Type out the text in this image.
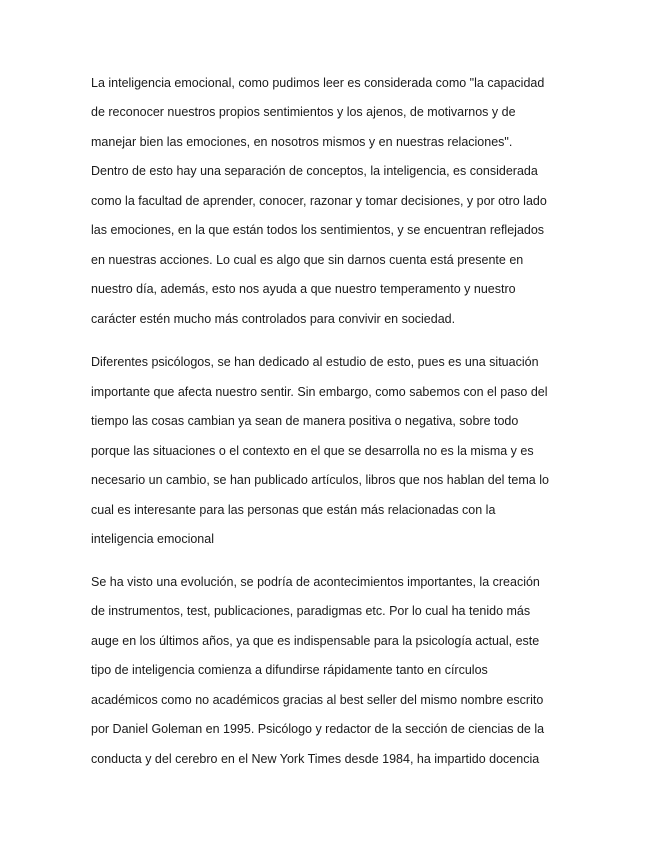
La inteligencia emocional, como pudimos leer es considerada como "la capacidad
de reconocer nuestros propios sentimientos y los ajenos, de motivarnos y de
manejar bien las emociones, en nosotros mismos y en nuestras relaciones".
Dentro de esto hay una separación de conceptos, la inteligencia, es considerada
como la facultad de aprender, conocer, razonar y tomar decisiones, y por otro lado
las emociones, en la que están todos los sentimientos, y se encuentran reflejados
en nuestras acciones. Lo cual es algo que sin darnos cuenta está presente en
nuestro día, además, esto nos ayuda a que nuestro temperamento y nuestro
carácter estén mucho más controlados para convivir en sociedad.
Diferentes psicólogos, se han dedicado al estudio de esto, pues es una situación
importante que afecta nuestro sentir. Sin embargo, como sabemos con el paso del
tiempo las cosas cambian ya sean de manera positiva o negativa, sobre todo
porque las situaciones o el contexto en el que se desarrolla no es la misma y es
necesario un cambio, se han publicado artículos, libros que nos hablan del tema lo
cual es interesante para las personas que están más relacionadas con la
inteligencia emocional
Se ha visto una evolución, se podría de acontecimientos importantes, la creación
de instrumentos, test, publicaciones, paradigmas etc. Por lo cual ha tenido más
auge en los últimos años, ya que es indispensable para la psicología actual, este
tipo de inteligencia comienza a difundirse rápidamente tanto en círculos
académicos como no académicos gracias al best seller del mismo nombre escrito
por Daniel Goleman en 1995. Psicólogo y redactor de la sección de ciencias de la
conducta y del cerebro en el New York Times desde 1984, ha impartido docencia
